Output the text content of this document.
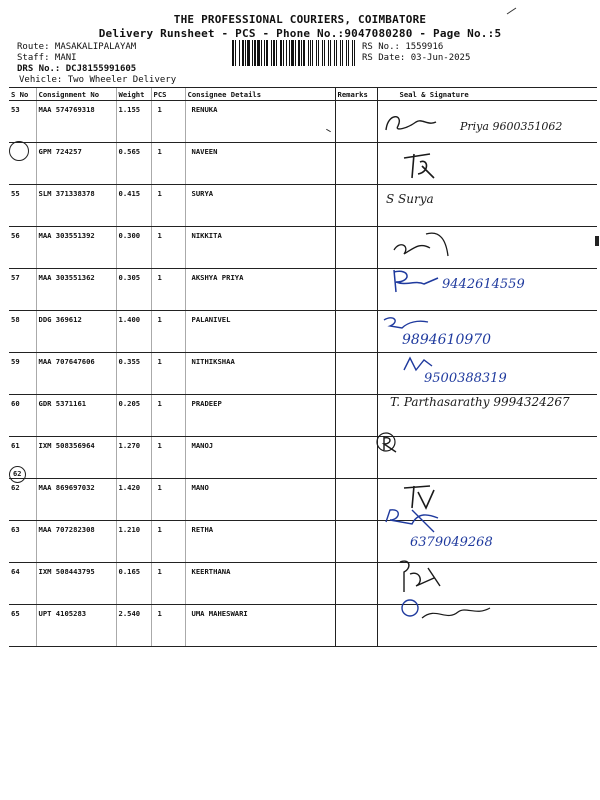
THE PROFESSIONAL COURIERS, COIMBATORE
Delivery Runsheet - PCS - Phone No.:9047080280 - Page No.:5
Route: MASAKALIPALAYAM
Staff: MANI
DRS No.: DCJ8155991605
Vehicle: Two Wheeler Delivery
RS No.: 1559916
RS Date: 03-Jun-2025
S No	Consignment No	Weight	PCS	Consignee Details	Remarks	Seal & Signature
53	MAA 574769318	1.155	1	RENUKA		
	GPM 724257	0.565	1	NAVEEN		
55	SLM 371338378	0.415	1	SURYA		
56	MAA 303551392	0.300	1	NIKKITA		
57	MAA 303551362	0.305	1	AKSHYA PRIYA		
58	DDG 369612	1.400	1	PALANIVEL		
59	MAA 707647606	0.355	1	NITHIKSHAA		
60	GDR 5371161	0.205	1	PRADEEP		
61	IXM 508356964	1.270	1	MANOJ		
62	MAA 869697032	1.420	1	MANO		
63	MAA 707282308	1.210	1	RETHA		
64	IXM 508443795	0.165	1	KEERTHANA		
65	UPT 4105283	2.540	1	UMA MAHESWARI		
62
Priya 9600351062
S Surya
9442614559
9894610970
9500388319
T. Parthasarathy 9994324267
6379049268
